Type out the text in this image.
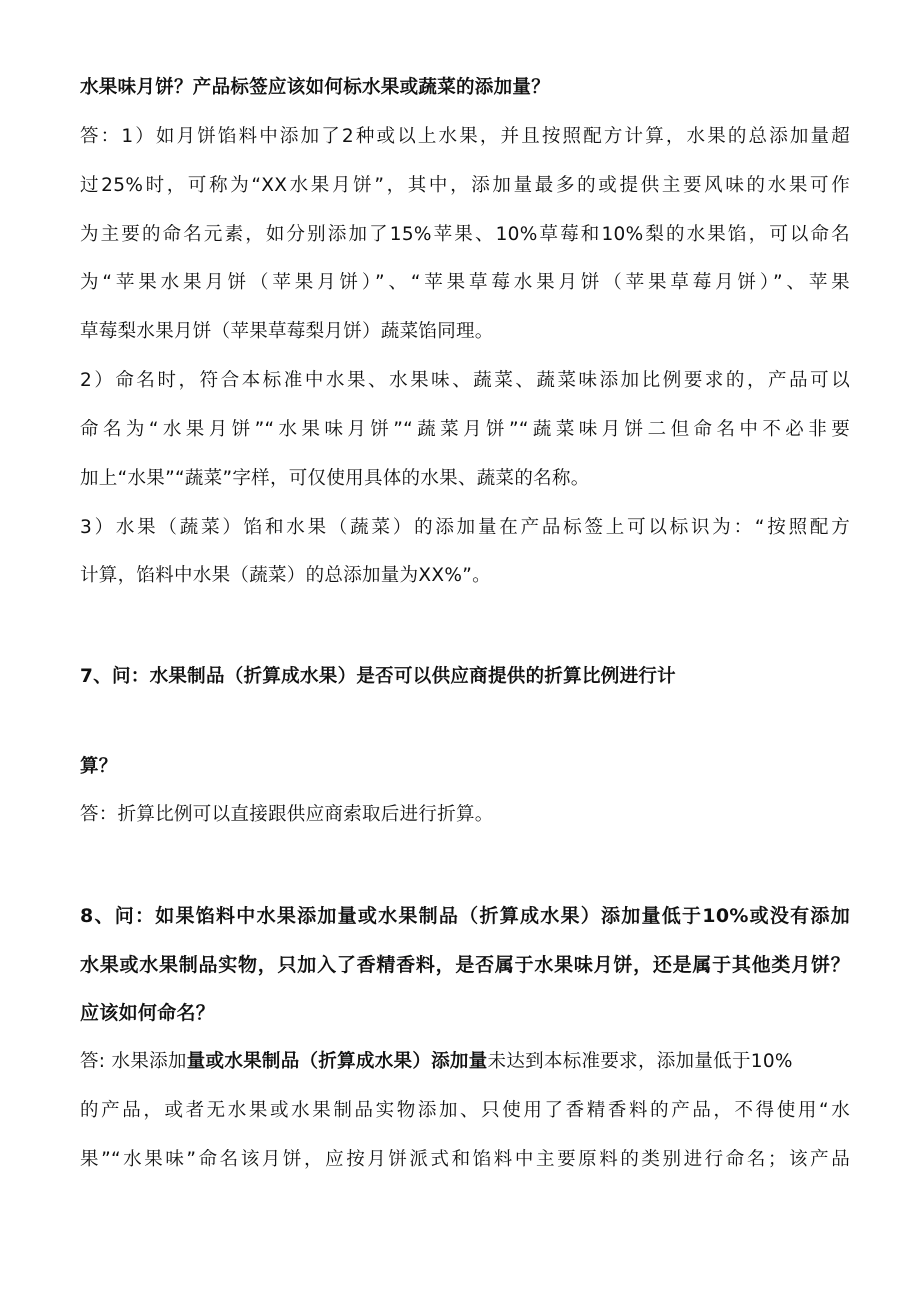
水果味月饼？产品标签应该如何标水果或蔬菜的添加量？

答：1）如月饼馅料中添加了2种或以上水果，并且按照配方计算，水果的总添加量超

过25%时，可称为“XX水果月饼”，其中，添加量最多的或提供主要风味的水果可作

为主要的命名元素，如分别添加了15%苹果、10%草莓和10%梨的水果馅，可以命名

为“苹果水果月饼（苹果月饼）”、“苹果草莓水果月饼（苹果草莓月饼）”、苹果

草莓梨水果月饼（苹果草莓梨月饼）蔬菜馅同理。

2）命名时，符合本标准中水果、水果味、蔬菜、蔬菜味添加比例要求的，产品可以

命名为“水果月饼”“水果味月饼”“蔬菜月饼”“蔬菜味月饼二但命名中不必非要

加上“水果”“蔬菜”字样，可仅使用具体的水果、蔬菜的名称。

3）水果（蔬菜）馅和水果（蔬菜）的添加量在产品标签上可以标识为：“按照配方

计算，馅料中水果（蔬菜）的总添加量为XX%”。

7、问：水果制品（折算成水果）是否可以供应商提供的折算比例进行计

算？

答：折算比例可以直接跟供应商索取后进行折算。

8、问：如果馅料中水果添加量或水果制品（折算成水果）添加量低于10%或没有添加

水果或水果制品实物，只加入了香精香料，是否属于水果味月饼，还是属于其他类月饼？

应该如何命名？

答: 水果添加量或水果制品（折算成水果）添加量未达到本标准要求，添加量低于10%

的产品，或者无水果或水果制品实物添加、只使用了香精香料的产品，不得使用“水

果”“水果味”命名该月饼，应按月饼派式和馅料中主要原料的类别进行命名；该产品
